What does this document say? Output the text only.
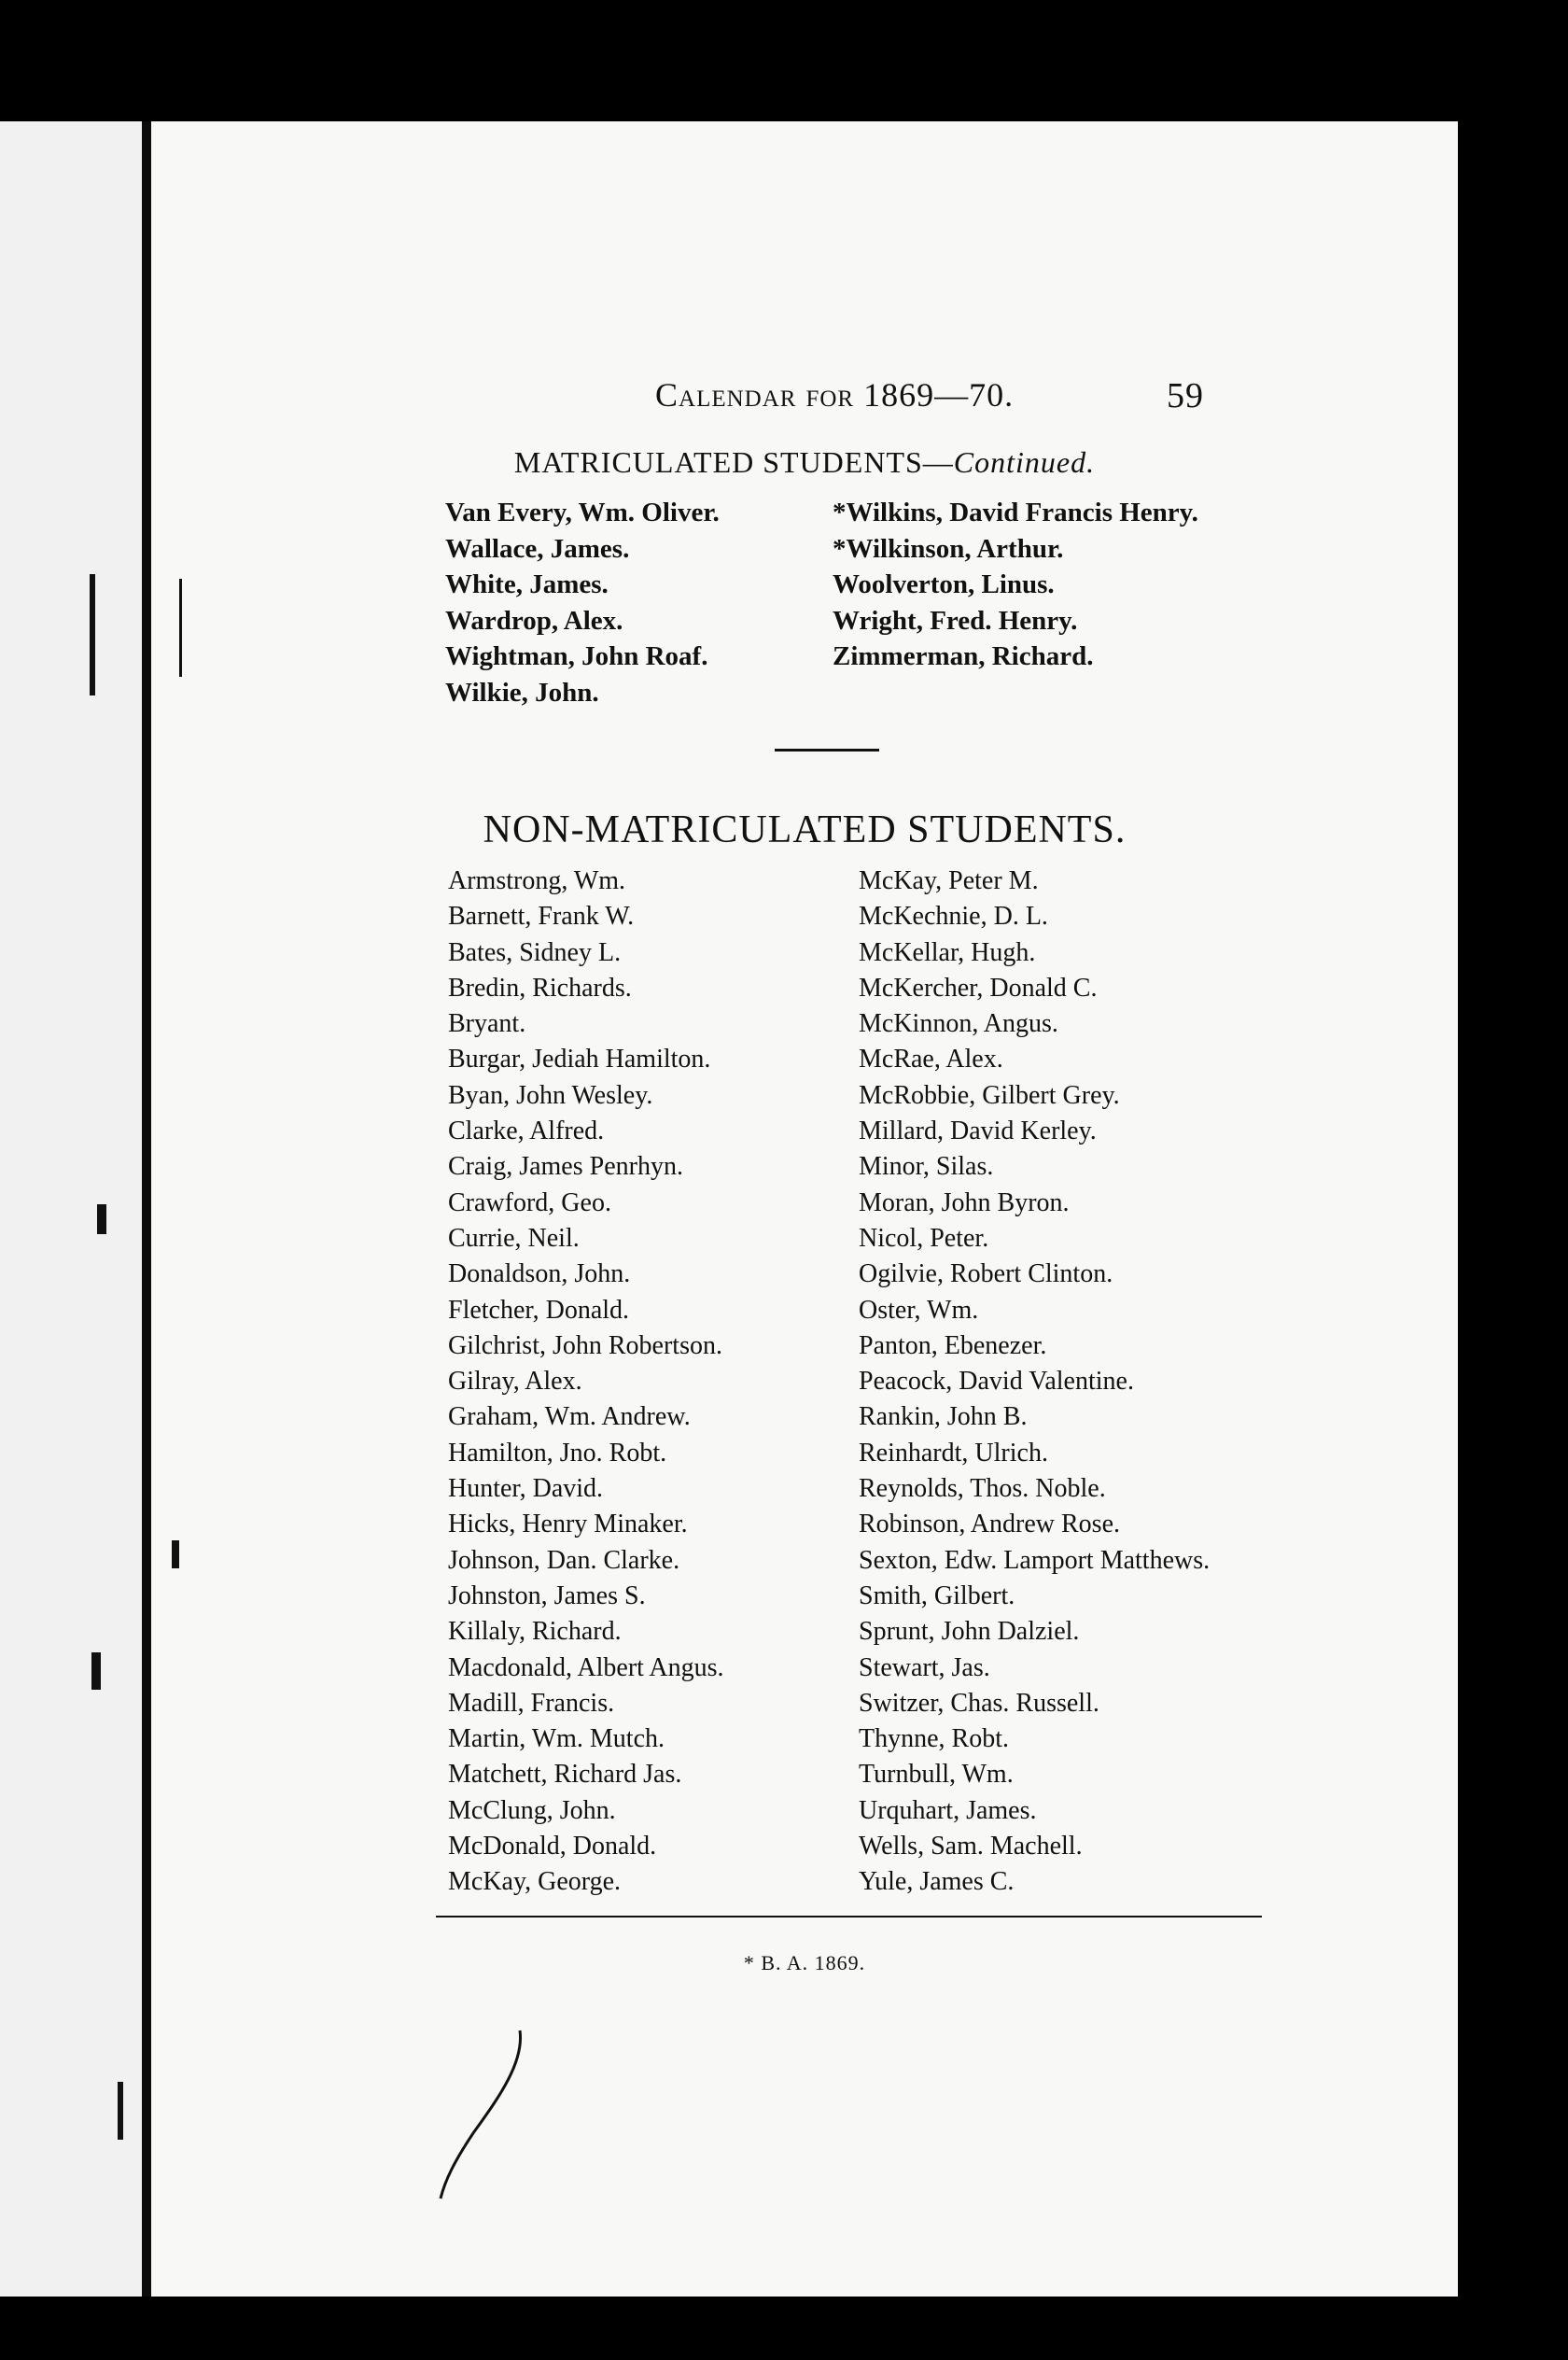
Calendar for 1869—70.	59
MATRICULATED STUDENTS—Continued.
Van Every, Wm. Oliver.
Wallace, James.
White, James.
Wardrop, Alex.
Wightman, John Roaf.
Wilkie, John.
*Wilkins, David Francis Henry.
*Wilkinson, Arthur.
Woolverton, Linus.
Wright, Fred. Henry.
Zimmerman, Richard.
NON-MATRICULATED STUDENTS.
Armstrong, Wm.
Barnett, Frank W.
Bates, Sidney L.
Bredin, Richards.
Bryant.
Burgar, Jediah Hamilton.
Byan, John Wesley.
Clarke, Alfred.
Craig, James Penrhyn.
Crawford, Geo.
Currie, Neil.
Donaldson, John.
Fletcher, Donald.
Gilchrist, John Robertson.
Gilray, Alex.
Graham, Wm. Andrew.
Hamilton, Jno. Robt.
Hunter, David.
Hicks, Henry Minaker.
Johnson, Dan. Clarke.
Johnston, James S.
Killaly, Richard.
Macdonald, Albert Angus.
Madill, Francis.
Martin, Wm. Mutch.
Matchett, Richard Jas.
McClung, John.
McDonald, Donald.
McKay, George.
McKay, Peter M.
McKechnie, D. L.
McKellar, Hugh.
McKercher, Donald C.
McKinnon, Angus.
McRae, Alex.
McRobbie, Gilbert Grey.
Millard, David Kerley.
Minor, Silas.
Moran, John Byron.
Nicol, Peter.
Ogilvie, Robert Clinton.
Oster, Wm.
Panton, Ebenezer.
Peacock, David Valentine.
Rankin, John B.
Reinhardt, Ulrich.
Reynolds, Thos. Noble.
Robinson, Andrew Rose.
Sexton, Edw. Lamport Matthews.
Smith, Gilbert.
Sprunt, John Dalziel.
Stewart, Jas.
Switzer, Chas. Russell.
Thynne, Robt.
Turnbull, Wm.
Urquhart, James.
Wells, Sam. Machell.
Yule, James C.
* B. A. 1869.
